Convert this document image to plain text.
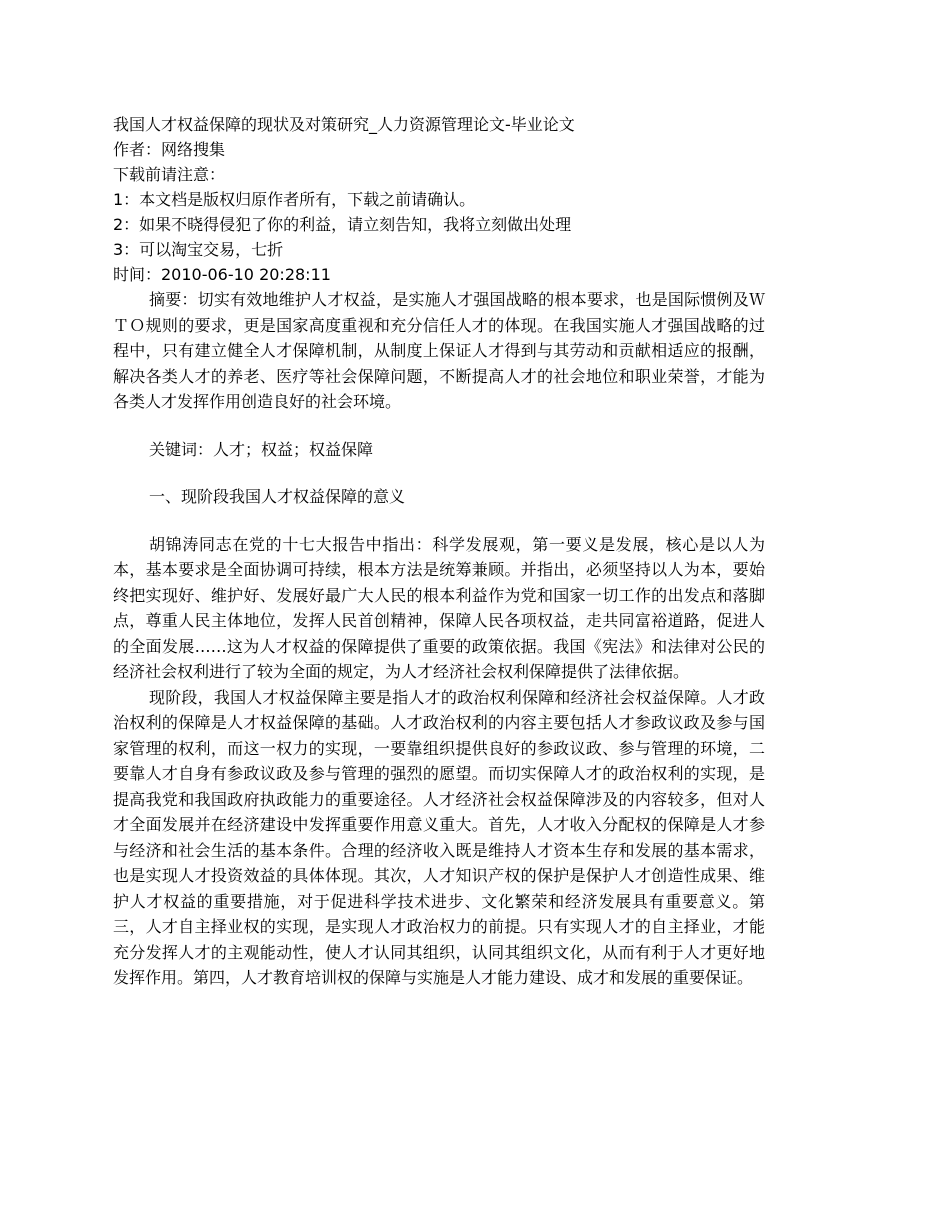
我国人才权益保障的现状及对策研究_人力资源管理论文-毕业论文

作者：网络搜集

下载前请注意：

1：本文档是版权归原作者所有，下载之前请确认。

2：如果不晓得侵犯了你的利益，请立刻告知，我将立刻做出处理

3：可以淘宝交易，七折

时间：2010-06-10 20:28:11

摘要：切实有效地维护人才权益，是实施人才强国战略的根本要求，也是国际惯例及ＷＴＯ规则的要求，更是国家高度重视和充分信任人才的体现。在我国实施人才强国战略的过程中，只有建立健全人才保障机制，从制度上保证人才得到与其劳动和贡献相适应的报酬，解决各类人才的养老、医疗等社会保障问题，不断提高人才的社会地位和职业荣誉，才能为各类人才发挥作用创造良好的社会环境。

关键词：人才；权益；权益保障

一、现阶段我国人才权益保障的意义

胡锦涛同志在党的十七大报告中指出：科学发展观，第一要义是发展，核心是以人为本，基本要求是全面协调可持续，根本方法是统筹兼顾。并指出，必须坚持以人为本，要始终把实现好、维护好、发展好最广大人民的根本利益作为党和国家一切工作的出发点和落脚点，尊重人民主体地位，发挥人民首创精神，保障人民各项权益，走共同富裕道路，促进人的全面发展……这为人才权益的保障提供了重要的政策依据。我国《宪法》和法律对公民的经济社会权利进行了较为全面的规定，为人才经济社会权利保障提供了法律依据。

现阶段，我国人才权益保障主要是指人才的政治权利保障和经济社会权益保障。人才政治权利的保障是人才权益保障的基础。人才政治权利的内容主要包括人才参政议政及参与国家管理的权利，而这一权力的实现，一要靠组织提供良好的参政议政、参与管理的环境，二要靠人才自身有参政议政及参与管理的强烈的愿望。而切实保障人才的政治权利的实现，是提高我党和我国政府执政能力的重要途径。人才经济社会权益保障涉及的内容较多，但对人才全面发展并在经济建设中发挥重要作用意义重大。首先，人才收入分配权的保障是人才参与经济和社会生活的基本条件。合理的经济收入既是维持人才资本生存和发展的基本需求，也是实现人才投资效益的具体体现。其次，人才知识产权的保护是保护人才创造性成果、维护人才权益的重要措施，对于促进科学技术进步、文化繁荣和经济发展具有重要意义。第三，人才自主择业权的实现，是实现人才政治权力的前提。只有实现人才的自主择业，才能充分发挥人才的主观能动性，使人才认同其组织，认同其组织文化，从而有利于人才更好地发挥作用。第四，人才教育培训权的保障与实施是人才能力建设、成才和发展的重要保证。
